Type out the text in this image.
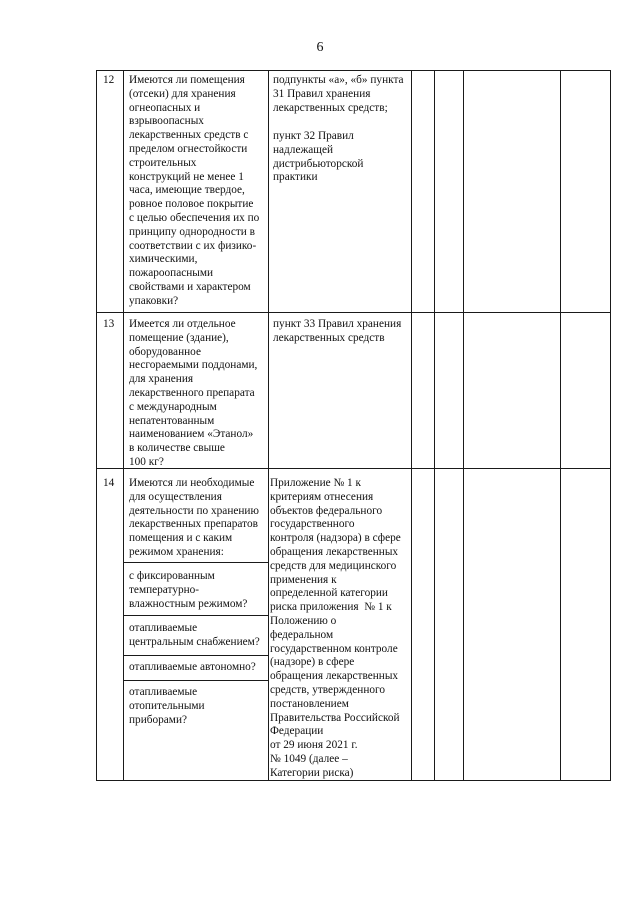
6
12 Имеются ли помещения
(отсеки) для хранения
огнеопасных и
взрывоопасных
лекарственных средств с
пределом огнестойкости
строительных
конструкций не менее 1
часа, имеющие твердое,
ровное половое покрытие
с целью обеспечения их по
принципу однородности в
соответствии с их физико-
химическими,
пожароопасными
свойствами и характером
упаковки?
подпункты «а», «б» пункта
31 Правил хранения
лекарственных средств;
пункт 32 Правил
надлежащей
дистрибьюторской
практики
13 Имеется ли отдельное
помещение (здание),
оборудованное
несгораемыми поддонами,
для хранения
лекарственного препарата
с международным
непатентованным
наименованием «Этанол»
в количестве свыше
100 кг?
пункт 33 Правил хранения
лекарственных средств
14 Имеются ли необходимые
для осуществления
деятельности по хранению
лекарственных препаратов
помещения и с каким
режимом хранения:
с фиксированным
температурно-
влажностным режимом?
отапливаемые
центральным снабжением?
отапливаемые автономно?
отапливаемые
отопительными
приборами?
Приложение № 1 к
критериям отнесения
объектов федерального
государственного
контроля (надзора) в сфере
обращения лекарственных
средств для медицинского
применения к
определенной категории
риска приложения  № 1 к
Положению о
федеральном
государственном контроле
(надзоре) в сфере
обращения лекарственных
средств, утвержденного
постановлением
Правительства Российской
Федерации
от 29 июня 2021 г.
№ 1049 (далее –
Категории риска)
